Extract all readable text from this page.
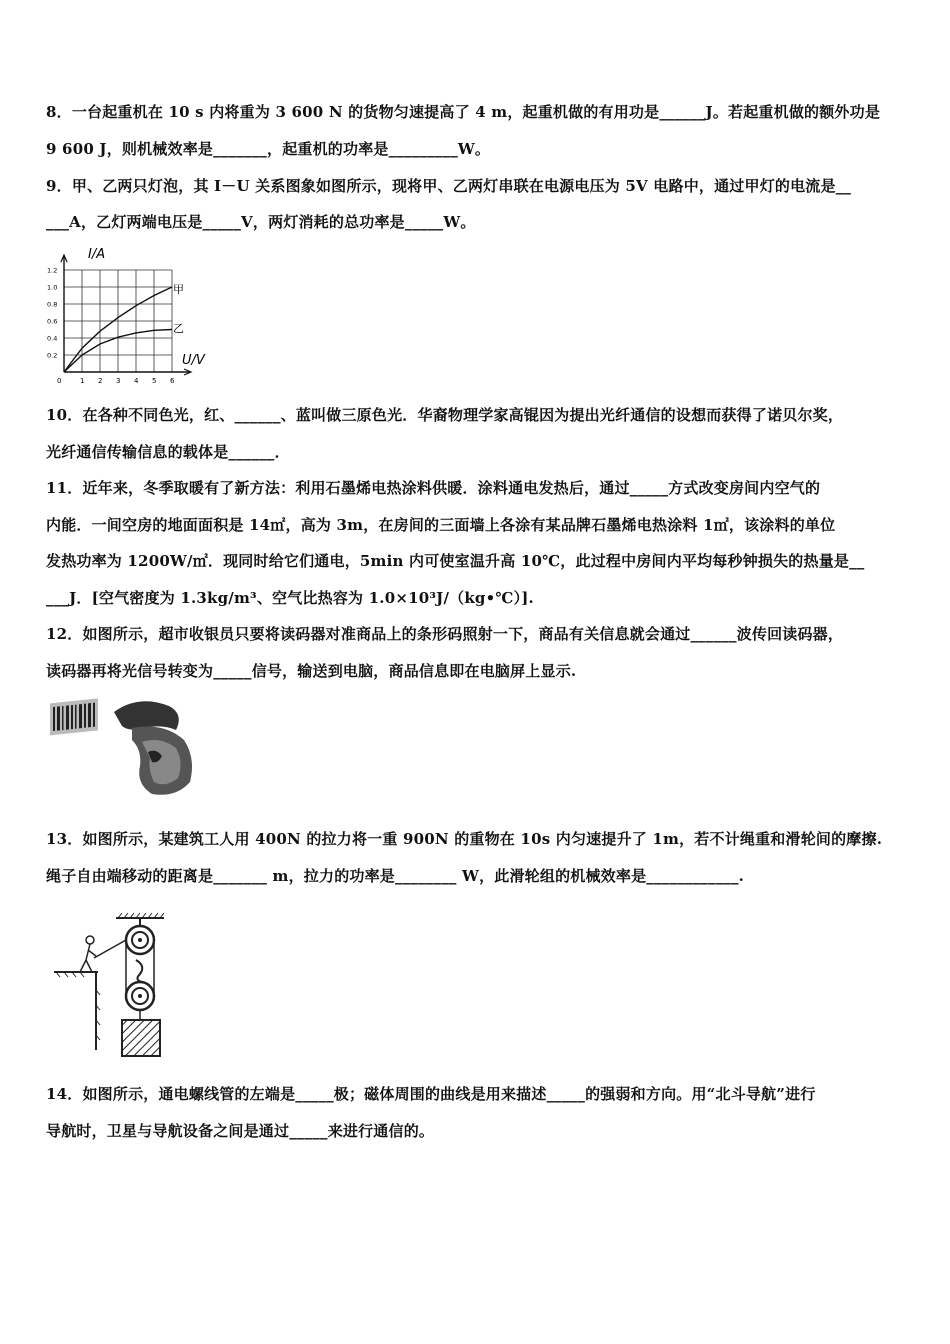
8．一台起重机在 10 s 内将重为 3 600 N 的货物匀速提高了 4 m，起重机做的有用功是______J。若起重机做的额外功是
9 600 J，则机械效率是_______，起重机的功率是_________W。
9．甲、乙两只灯泡，其 I－U 关系图象如图所示，现将甲、乙两灯串联在电源电压为 5V 电路中，通过甲灯的电流是__
___A，乙灯两端电压是_____V，两灯消耗的总功率是_____W。
0	1 2 3 4 5 6
0.2
0.4
0.6
0.8
1.0
1.2
I/A
U/V
甲
乙
10．在各种不同色光，红、______、蓝叫做三原色光．华裔物理学家高锟因为提出光纤通信的设想而获得了诺贝尔奖，
光纤通信传输信息的载体是______．
11．近年来，冬季取暖有了新方法：利用石墨烯电热涂料供暖．涂料通电发热后，通过_____方式改变房间内空气的
内能．一间空房的地面面积是 14㎡，高为 3m，在房间的三面墙上各涂有某品牌石墨烯电热涂料 1㎡，该涂料的单位
发热功率为 1200W/㎡．现同时给它们通电，5min 内可使室温升高 10℃，此过程中房间内平均每秒钟损失的热量是__
___J．[空气密度为 1.3kg/m³、空气比热容为 1.0×10³J/（kg•℃）].
12．如图所示，超市收银员只要将读码器对准商品上的条形码照射一下，商品有关信息就会通过______波传回读码器，
读码器再将光信号转变为_____信号，输送到电脑，商品信息即在电脑屏上显示.
13．如图所示，某建筑工人用 400N 的拉力将一重 900N 的重物在 10s 内匀速提升了 1m，若不计绳重和滑轮间的摩擦.
绳子自由端移动的距离是_______ m，拉力的功率是________ W，此滑轮组的机械效率是____________.
14．如图所示，通电螺线管的左端是_____极；磁体周围的曲线是用来描述_____的强弱和方向。用“北斗导航”进行
导航时，卫星与导航设备之间是通过_____来进行通信的。
